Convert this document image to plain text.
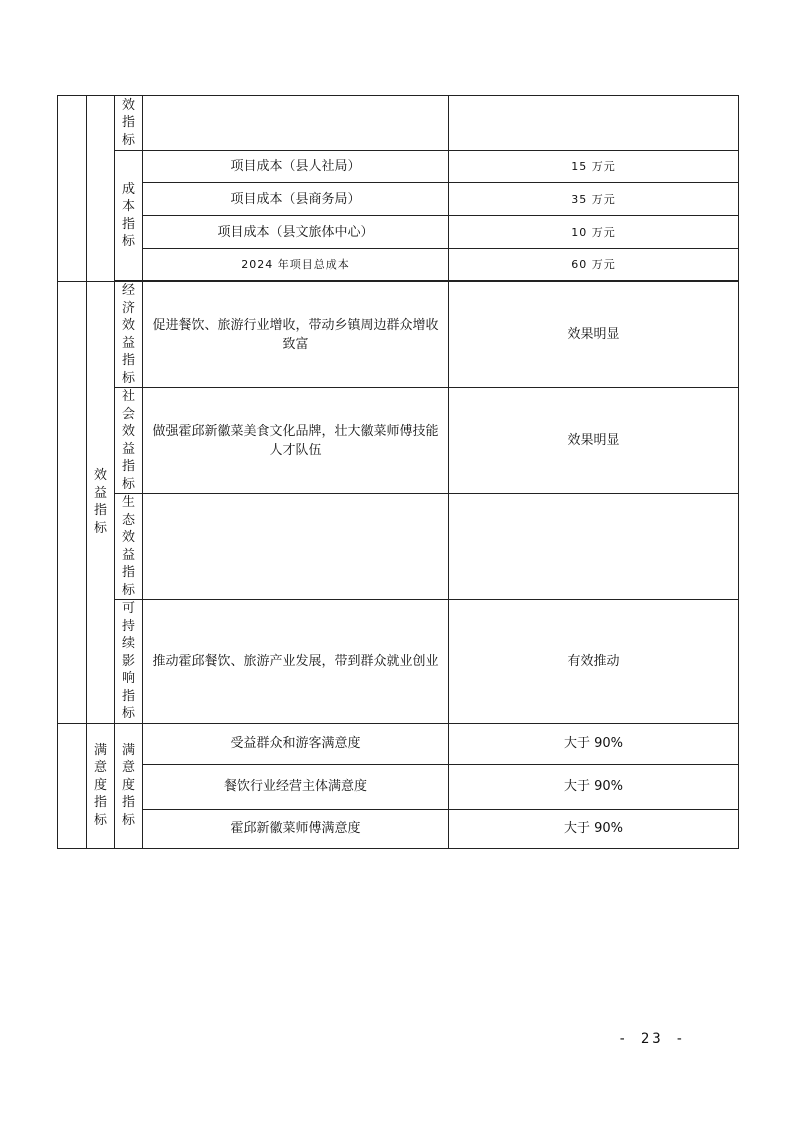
		效指标		
		成本指标	项目成本（县人社局）	15 万元
			项目成本（县商务局）	35 万元
			项目成本（县文旅体中心）	10 万元
			2024 年项目总成本	60 万元

	效益指标	经济效益指标	促进餐饮、旅游行业增收，带动乡镇周边群众增收致富	效果明显
		社会效益指标	做强霍邱新徽菜美食文化品牌，壮大徽菜师傅技能人才队伍	效果明显
		生态效益指标		
		可持续影响指标	推动霍邱餐饮、旅游产业发展，带到群众就业创业	有效推动
	满意度指标	满意度指标	受益群众和游客满意度	大于 90%
			餐饮行业经营主体满意度	大于 90%
			霍邱新徽菜师傅满意度	大于 90%
- 23 -
